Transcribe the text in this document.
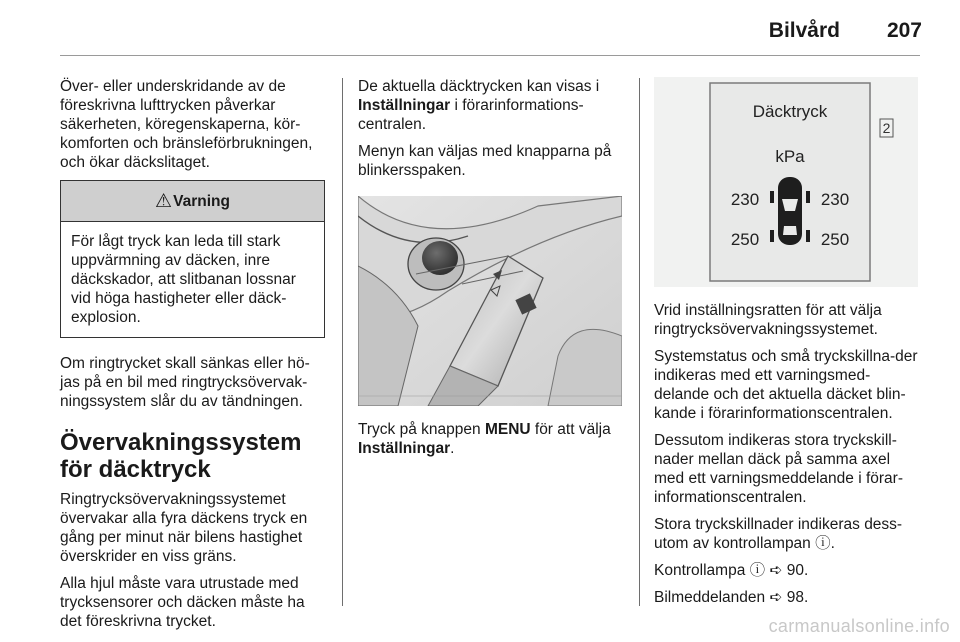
Bilvård 207

Över- eller underskridande av de föreskrivna lufttrycken påverkar säkerheten, köregenskaperna, kör-komforten och bränsleförbrukningen, och ökar däckslitaget.

⚠ Varning
För lågt tryck kan leda till stark uppvärmning av däcken, inre däckskador, att slitbanan lossnar vid höga hastigheter eller däck-explosion.

Om ringtrycket skall sänkas eller hö-jas på en bil med ringtrycksövervak-ningssystem slår du av tändningen.

Övervakningssystem för däcktryck

Ringtrycksövervakningssystemet övervakar alla fyra däckens tryck en gång per minut när bilens hastighet överskrider en viss gräns.

Alla hjul måste vara utrustade med trycksensorer och däcken måste ha det föreskrivna trycket.

De aktuella däcktrycken kan visas i Inställningar i förarinformations-centralen.

Menyn kan väljas med knapparna på blinkersspaken.

Tryck på knappen MENU för att välja Inställningar.

Däcktryck
kPa
230	230
250	250
2

Vrid inställningsratten för att välja ringtrycksövervakningssystemet.

Systemstatus och små tryckskillna-der indikeras med ett varningsmed-delande och det aktuella däcket blin-kande i förarinformationscentralen.

Dessutom indikeras stora tryckskill-nader mellan däck på samma axel med ett varningsmeddelande i förar-informationscentralen.

Stora tryckskillnader indikeras dess-utom av kontrollampan ⓘ.

Kontrollampa ⓘ ➪ 90.

Bilmeddelanden ➪ 98.

carmanualsonline.info
